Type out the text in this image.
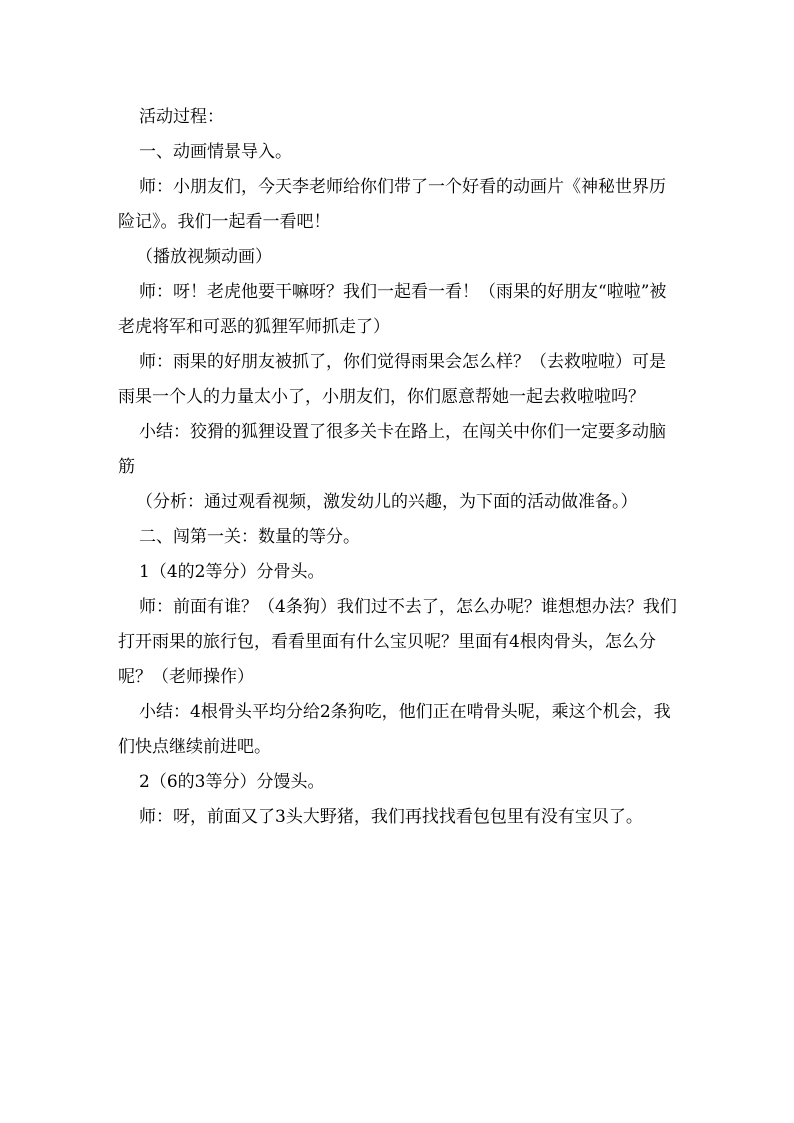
活动过程：

一、动画情景导入。

师：小朋友们，今天李老师给你们带了一个好看的动画片《神秘世界历险记》。我们一起看一看吧！

（播放视频动画）

师：呀！老虎他要干嘛呀？我们一起看一看！（雨果的好朋友“啦啦”被老虎将军和可恶的狐狸军师抓走了）

师：雨果的好朋友被抓了，你们觉得雨果会怎么样？（去救啦啦）可是雨果一个人的力量太小了，小朋友们，你们愿意帮她一起去救啦啦吗？

小结：狡猾的狐狸设置了很多关卡在路上，在闯关中你们一定要多动脑筋

（分析：通过观看视频，激发幼儿的兴趣，为下面的活动做准备。）

二、闯第一关：数量的等分。

1（4的2等分）分骨头。

师：前面有谁？（4条狗）我们过不去了，怎么办呢？谁想想办法？我们打开雨果的旅行包，看看里面有什么宝贝呢？里面有4根肉骨头，怎么分呢？（老师操作）

小结：4根骨头平均分给2条狗吃，他们正在啃骨头呢，乘这个机会，我们快点继续前进吧。

2（6的3等分）分馒头。

师：呀，前面又了3头大野猪，我们再找找看包包里有没有宝贝了。
